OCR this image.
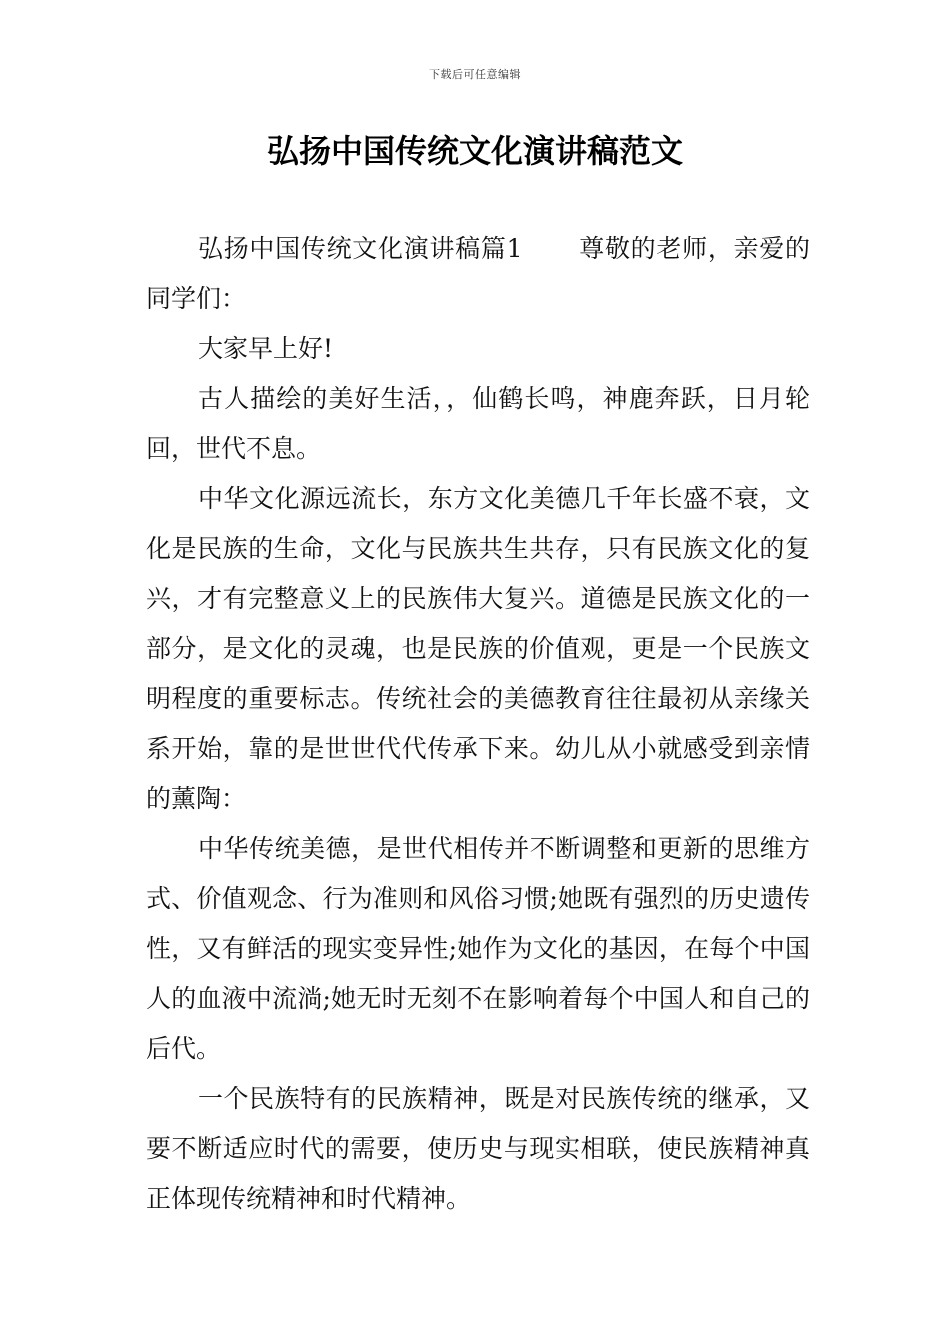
下载后可任意编辑
弘扬中国传统文化演讲稿范文

弘扬中国传统文化演讲稿篇1 尊敬的老师，亲爱的同学们：

大家早上好!

古人描绘的美好生活，，仙鹤长鸣，神鹿奔跃，日月轮回，世代不息。

中华文化源远流长，东方文化美德几千年长盛不衰，文化是民族的生命，文化与民族共生共存，只有民族文化的复兴，才有完整意义上的民族伟大复兴。道德是民族文化的一部分，是文化的灵魂，也是民族的价值观，更是一个民族文明程度的重要标志。传统社会的美德教育往往最初从亲缘关系开始，靠的是世世代代传承下来。幼儿从小就感受到亲情的薰陶：

中华传统美德，是世代相传并不断调整和更新的思维方式、价值观念、行为准则和风俗习惯;她既有强烈的历史遗传性，又有鲜活的现实变异性;她作为文化的基因，在每个中国人的血液中流淌;她无时无刻不在影响着每个中国人和自己的后代。

一个民族特有的民族精神，既是对民族传统的继承，又要不断适应时代的需要，使历史与现实相联，使民族精神真正体现传统精神和时代精神。
